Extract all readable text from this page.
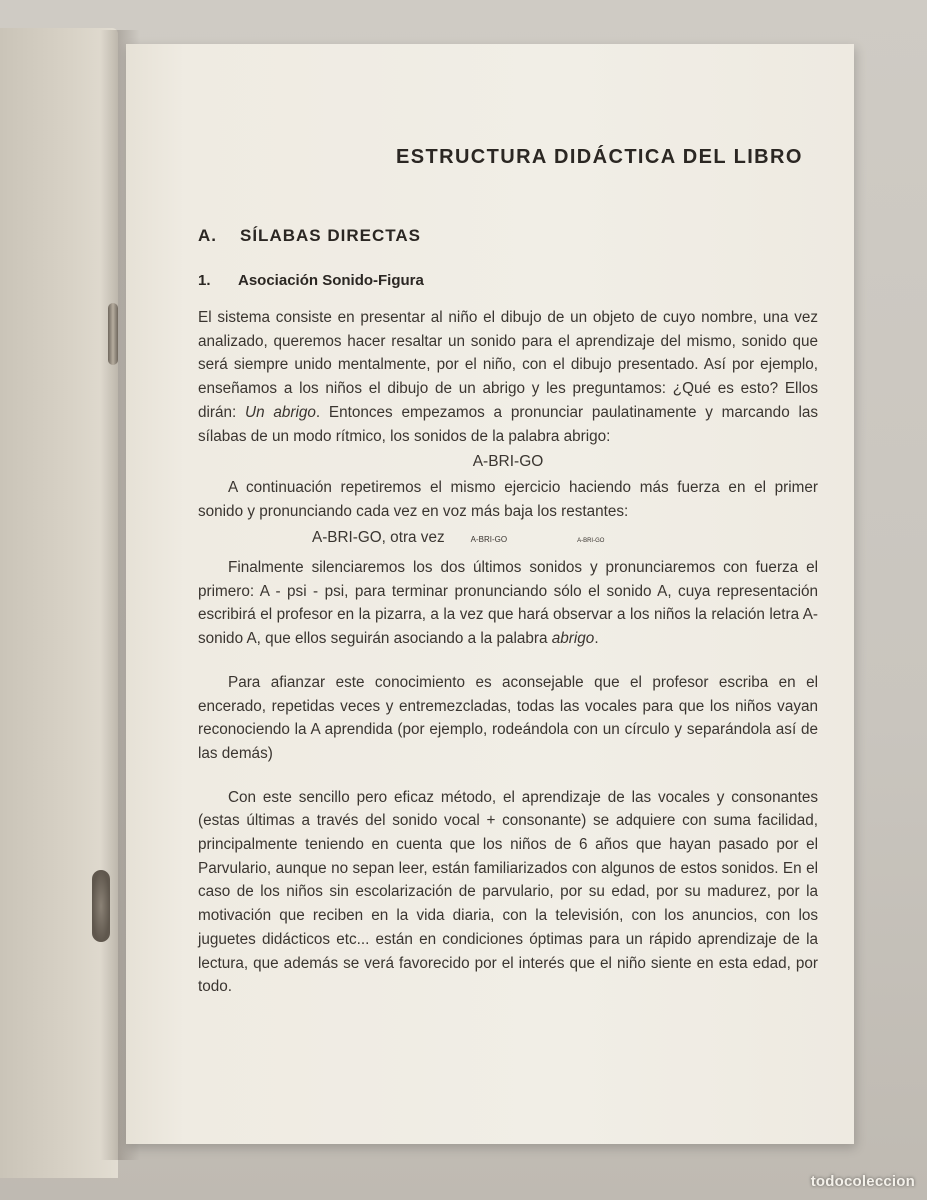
ESTRUCTURA DIDÁCTICA DEL LIBRO
A. SÍLABAS DIRECTAS
1. Asociación Sonido-Figura

El sistema consiste en presentar al niño el dibujo de un objeto de cuyo nombre, una vez analizado, queremos hacer resaltar un sonido para el aprendizaje del mismo, sonido que será siempre unido mentalmente, por el niño, con el dibujo presentado. Así por ejemplo, enseñamos a los niños el dibujo de un abrigo y les preguntamos: ¿Qué es esto? Ellos dirán: Un abrigo. Entonces empezamos a pronunciar paulatinamente y marcando las sílabas de un modo rítmico, los sonidos de la palabra abrigo:

A-BRI-GO

A continuación repetiremos el mismo ejercicio haciendo más fuerza en el primer sonido y pronunciando cada vez en voz más baja los restantes:

A-BRI-GO, otra vez	A-BRI-GO	A-BRI-GO

Finalmente silenciaremos los dos últimos sonidos y pronunciaremos con fuerza el primero: A - psi - psi, para terminar pronunciando sólo el sonido A, cuya representación escribirá el profesor en la pizarra, a la vez que hará observar a los niños la relación letra A-sonido A, que ellos seguirán asociando a la palabra abrigo.

Para afianzar este conocimiento es aconsejable que el profesor escriba en el encerado, repetidas veces y entremezcladas, todas las vocales para que los niños vayan reconociendo la A aprendida (por ejemplo, rodeándola con un círculo y separándola así de las demás)

Con este sencillo pero eficaz método, el aprendizaje de las vocales y consonantes (estas últimas a través del sonido vocal + consonante) se adquiere con suma facilidad, principalmente teniendo en cuenta que los niños de 6 años que hayan pasado por el Parvulario, aunque no sepan leer, están familiarizados con algunos de estos sonidos. En el caso de los niños sin escolarización de parvulario, por su edad, por su madurez, por la motivación que reciben en la vida diaria, con la televisión, con los anuncios, con los juguetes didácticos etc... están en condiciones óptimas para un rápido aprendizaje de la lectura, que además se verá favorecido por el interés que el niño siente en esta edad, por todo.

todocoleccion
